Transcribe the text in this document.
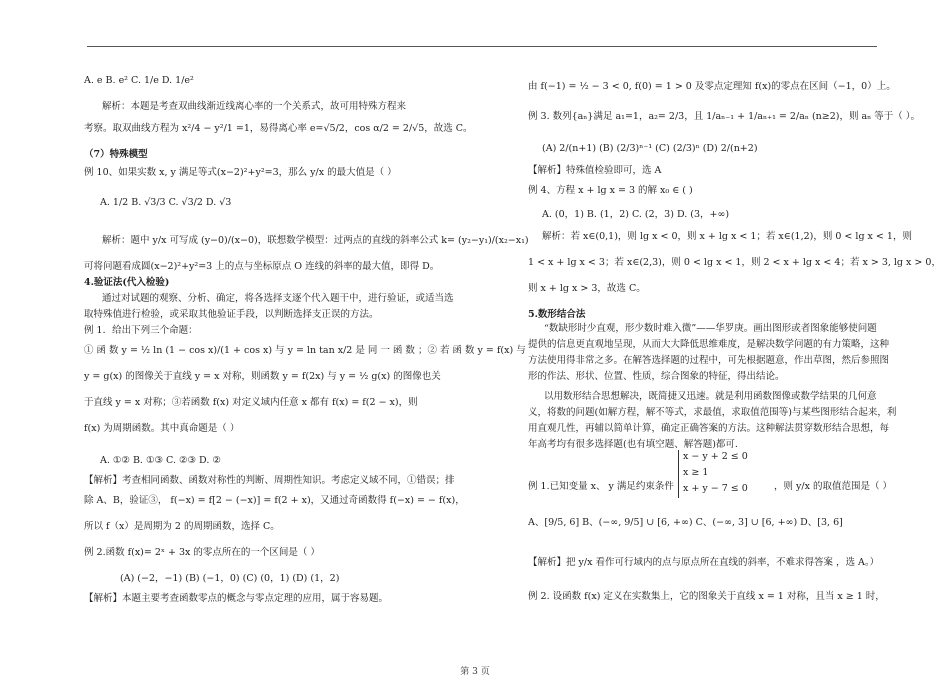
A. e B. e² C. 1/e D. 1/e²
解析：本题是考查双曲线渐近线离心率的一个关系式，故可用特殊方程来
考察。取双曲线方程为 x²/4 − y²/1 =1，易得离心率 e=√5/2，cos α/2 = 2/√5，故选 C。
（7）特殊模型
例 10、如果实数 x, y 满足等式(x−2)²+y²=3，那么 y/x 的最大值是（ ）
A. 1/2 B. √3/3 C. √3/2 D. √3
解析：题中 y/x 可写成 (y−0)/(x−0)，联想数学模型：过两点的直线的斜率公式 k= (y₂−y₁)/(x₂−x₁)
可将问题看成圆(x−2)²+y²=3 上的点与坐标原点 O 连线的斜率的最大值，即得 D。
4.验证法(代入检验)
通过对试题的观察、分析、确定，将各选择支逐个代入题干中，进行验证，或适当选
取特殊值进行检验，或采取其他验证手段，以判断选择支正误的方法。
例 1．给出下列三个命题：
① 函 数 y = ½ ln (1 − cos x)/(1 + cos x) 与 y = ln tan x/2 是 同 一 函 数 ；② 若 函 数 y = f(x) 与
y = g(x) 的图像关于直线 y = x 对称，则函数 y = f(2x) 与 y = ½ g(x) 的图像也关
于直线 y = x 对称；③若函数 f(x) 对定义域内任意 x 都有 f(x) = f(2 − x)，则
f(x) 为周期函数。其中真命题是（ ）
A. ①② B. ①③ C. ②③ D. ②
【解析】考查相同函数、函数对称性的判断、周期性知识。考虑定义域不同，①错误；排
除 A、B，验证③， f(−x) = f[2 − (−x)] = f(2 + x)，又通过奇函数得 f(−x) = − f(x)，
所以 f（x）是周期为 2 的周期函数，选择 C。
例 2.函数 f(x)= 2ˣ + 3x 的零点所在的一个区间是（ ）
(A) (−2，−1) (B) (−1，0) (C) (0，1) (D) (1，2)
【解析】本题主要考查函数零点的概念与零点定理的应用，属于容易题。
由 f(−1) = ½ − 3 < 0, f(0) = 1 > 0 及零点定理知 f(x)的零点在区间（−1，0）上。
例 3. 数列{aₙ}满足 a₁=1，a₂= 2/3，且 1/aₙ₋₁ + 1/aₙ₊₁ = 2/aₙ (n≥2)，则 aₙ 等于（ ）。
(A) 2/(n+1) (B) (2/3)ⁿ⁻¹ (C) (2/3)ⁿ (D) 2/(n+2)
【解析】特殊值检验即可，选 A
例 4、方程 x + lg x = 3 的解 x₀ ∈ ( )
A. (0，1) B. (1，2) C. (2，3) D. (3，+∞)
解析：若 x∈(0,1)，则 lg x < 0，则 x + lg x < 1；若 x∈(1,2)，则 0 < lg x < 1，则
1 < x + lg x < 3；若 x∈(2,3)，则 0 < lg x < 1，则 2 < x + lg x < 4；若 x > 3, lg x > 0，
则 x + lg x > 3，故选 C。
5.数形结合法
“数缺形时少直观，形少数时难入微”——华罗庚。画出图形或者图象能够使问题
提供的信息更直观地呈现，从而大大降低思维难度，是解决数学问题的有力策略，这种
方法使用得非常之多。在解答选择题的过程中，可先根据题意，作出草图，然后参照图
形的作法、形状、位置、性质，综合图象的特征，得出结论。
以用数形结合思想解决，既简捷又迅速。就是利用函数图像或数学结果的几何意
义，将数的问题(如解方程，解不等式，求最值，求取值范围等)与某些图形结合起来，利
用直观几性，再辅以简单计算，确定正确答案的方法。这种解法贯穿数形结合思想，每
年高考均有很多选择题(也有填空题、解答题)都可.
例 1.已知变量 x、 y 满足约束条件
x − y + 2 ≤ 0
x ≥ 1
x + y − 7 ≤ 0	，则 y/x 的取值范围是（ ）
A、[9/5, 6] B、(−∞, 9/5] ∪ [6, +∞) C、(−∞, 3] ∪ [6, +∞) D、[3, 6]
【解析】把 y/x 看作可行域内的点与原点所在直线的斜率，不难求得答案 ，选 A。）
例 2. 设函数 f(x) 定义在实数集上，它的图象关于直线 x = 1 对称，且当 x ≥ 1 时，
第 3 页
